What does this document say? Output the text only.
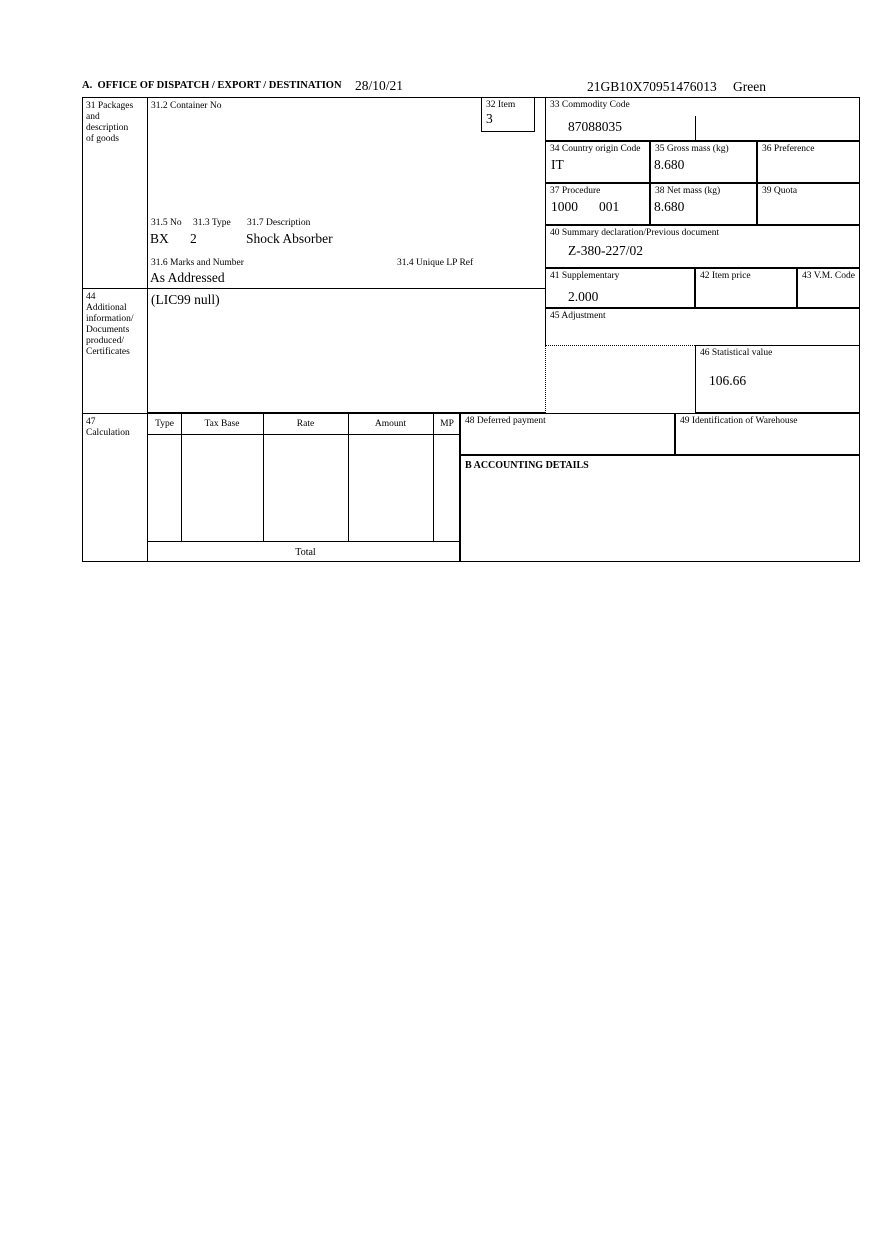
A.  OFFICE OF DISPATCH / EXPORT / DESTINATION 28/10/21	21GB10X70951476013 Green
31 Packages
and
description
of goods
44
Additional
information/
Documents
produced/
Certificates
47
Calculation
31.2 Container No	32 Item
3
31.5 No 31.3 Type 31.7 Description
BX 2	Shock Absorber
31.6 Marks and Number	31.4 Unique LP Ref
As Addressed
33 Commodity Code
87088035
34 Country origin Code
IT
35 Gross mass (kg)
8.680
36 Preference
37 Procedure
1000 001
38 Net mass (kg)
8.680
39 Quota
40 Summary declaration/Previous document
Z-380-227/02
41 Supplementary
2.000
42 Item price	43 V.M. Code
(LIC99 null)
45 Adjustment
46 Statistical value
106.66
Type	Tax Base	Rate	Amount	MP
Total
48 Deferred payment	49 Identification of Warehouse
B ACCOUNTING DETAILS
